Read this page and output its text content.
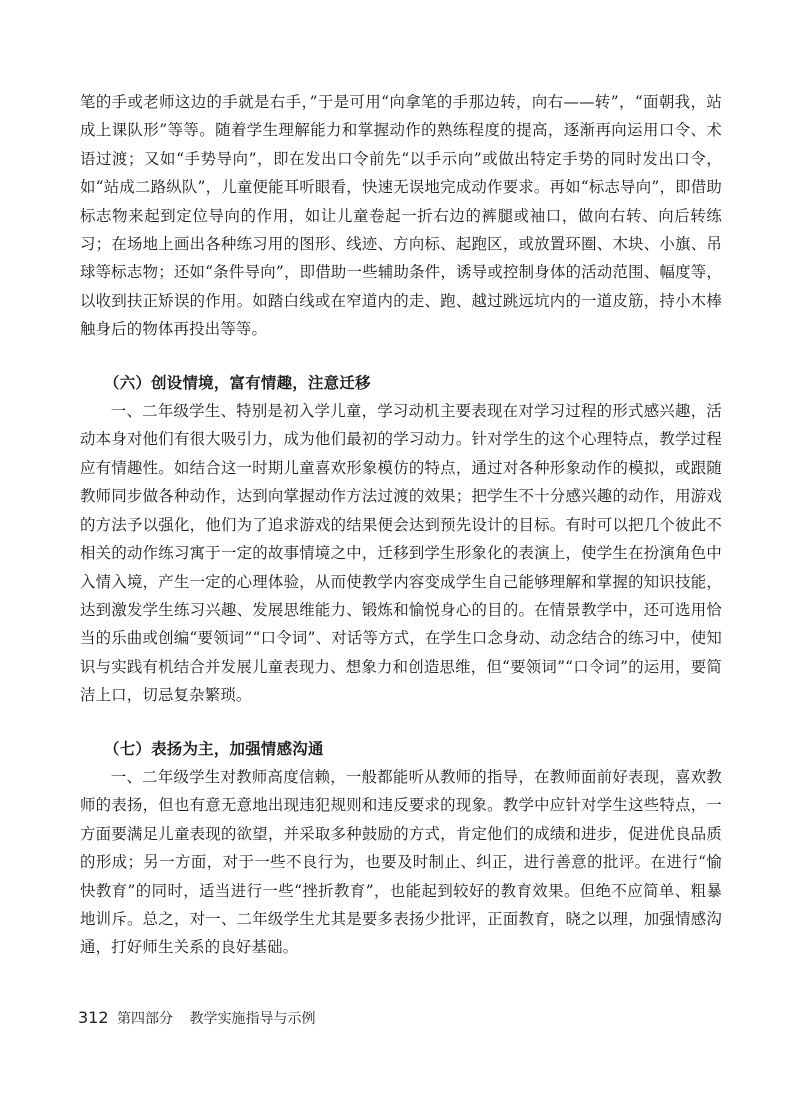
笔的手或老师这边的手就是右手，”于是可用“向拿笔的手那边转，向右——转”，“面朝我，站成上课队形”等等。随着学生理解能力和掌握动作的熟练程度的提高，逐渐再向运用口令、术语过渡；又如“手势导向”，即在发出口令前先“以手示向”或做出特定手势的同时发出口令，如“站成二路纵队”，儿童便能耳听眼看，快速无误地完成动作要求。再如“标志导向”，即借助标志物来起到定位导向的作用，如让儿童卷起一折右边的裤腿或袖口，做向右转、向后转练习；在场地上画出各种练习用的图形、线迹、方向标、起跑区，或放置环圈、木块、小旗、吊球等标志物；还如“条件导向”，即借助一些辅助条件，诱导或控制身体的活动范围、幅度等，以收到扶正矫误的作用。如踏白线或在窄道内的走、跑、越过跳远坑内的一道皮筋，持小木棒触身后的物体再投出等等。

（六）创设情境，富有情趣，注意迁移

一、二年级学生、特别是初入学儿童，学习动机主要表现在对学习过程的形式感兴趣，活动本身对他们有很大吸引力，成为他们最初的学习动力。针对学生的这个心理特点，教学过程应有情趣性。如结合这一时期儿童喜欢形象模仿的特点，通过对各种形象动作的模拟，或跟随教师同步做各种动作，达到向掌握动作方法过渡的效果；把学生不十分感兴趣的动作，用游戏的方法予以强化，他们为了追求游戏的结果便会达到预先设计的目标。有时可以把几个彼此不相关的动作练习寓于一定的故事情境之中，迁移到学生形象化的表演上，使学生在扮演角色中入情入境，产生一定的心理体验，从而使教学内容变成学生自己能够理解和掌握的知识技能，达到激发学生练习兴趣、发展思维能力、锻炼和愉悦身心的目的。在情景教学中，还可选用恰当的乐曲或创编“要领词”“口令词”、对话等方式，在学生口念身动、动念结合的练习中，使知识与实践有机结合并发展儿童表现力、想象力和创造思维，但“要领词”“口令词”的运用，要简洁上口，切忌复杂繁琐。

（七）表扬为主，加强情感沟通

一、二年级学生对教师高度信赖，一般都能听从教师的指导，在教师面前好表现，喜欢教师的表扬，但也有意无意地出现违犯规则和违反要求的现象。教学中应针对学生这些特点，一方面要满足儿童表现的欲望，并采取多种鼓励的方式，肯定他们的成绩和进步，促进优良品质的形成；另一方面，对于一些不良行为，也要及时制止、纠正，进行善意的批评。在进行“愉快教育”的同时，适当进行一些“挫折教育”，也能起到较好的教育效果。但绝不应简单、粗暴地训斥。总之，对一、二年级学生尤其是要多表扬少批评，正面教育，晓之以理，加强情感沟通，打好师生关系的良好基础。

312 第四部分 教学实施指导与示例
